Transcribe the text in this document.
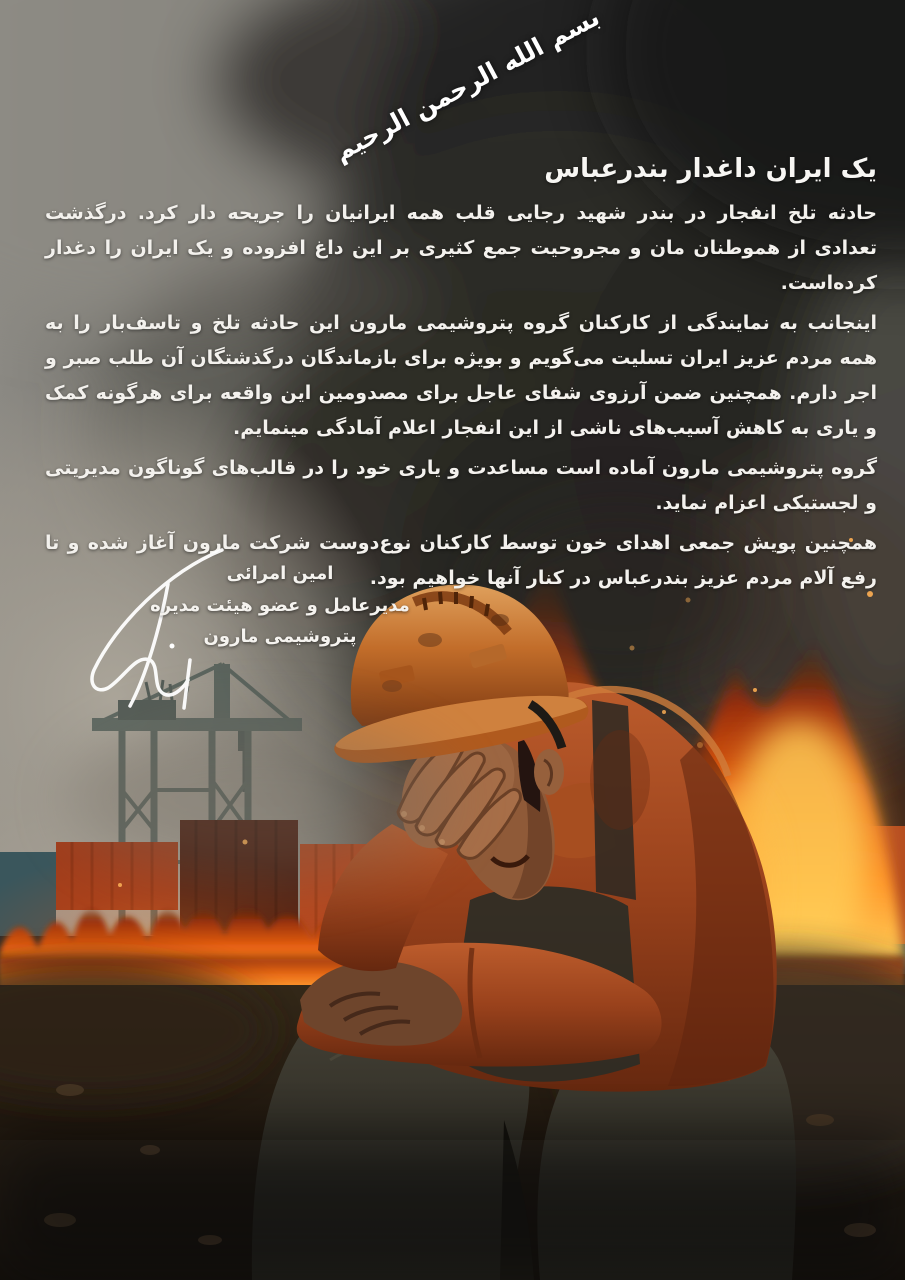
بسم الله الرحمن الرحیم
یک ایران داغدار بندرعباس

حادثه تلخ انفجار در بندر شهید رجایی قلب همه ایرانیان را جریحه دار کرد. درگذشت تعدادی از هموطنان مان و مجروحیت جمع کثیری بر این داغ افزوده و یک ایران را دغدار کرده‌است.

اینجانب به نمایندگی از کارکنان گروه پتروشیمی مارون این حادثه تلخ و تاسف‌بار را به همه مردم عزیز ایران تسلیت می‌گویم و بویژه برای بازماندگان درگذشتگان آن طلب صبر و اجر دارم. همچنین ضمن آرزوی شفای عاجل برای مصدومین این واقعه برای هرگونه کمک و یاری به کاهش آسیب‌های ناشی از این انفجار اعلام آمادگی مینمایم.

گروه پتروشیمی مارون آماده است مساعدت و یاری خود را در قالب‌های گوناگون مدیریتی و لجستیکی اعزام نماید.

همچنین پویش جمعی اهدای خون توسط کارکنان نوع‌دوست شرکت مارون آغاز شده و تا رفع آلام مردم عزیز بندرعباس در کنار آنها خواهیم بود.

امین امرائی
مدیرعامل و عضو هیئت مدیره
پتروشیمی مارون
